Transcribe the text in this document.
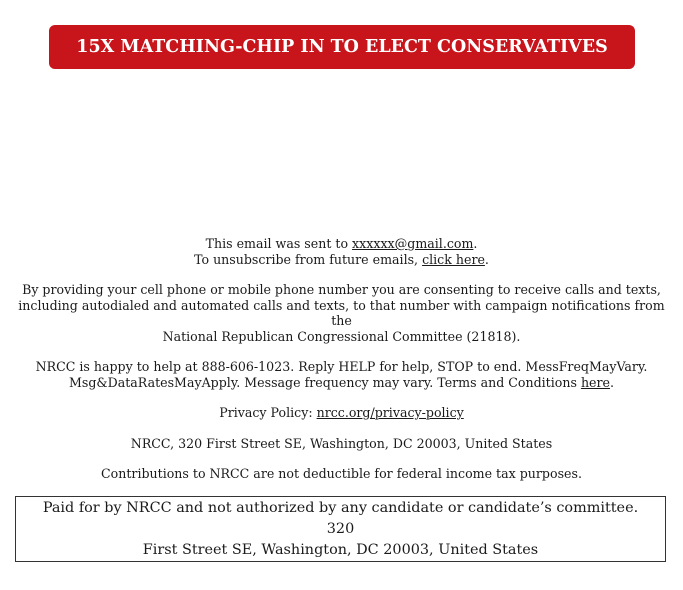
15X MATCHING-CHIP IN TO ELECT CONSERVATIVES

This email was sent to xxxxxx@gmail.com.

To unsubscribe from future emails, click here.

By providing your cell phone or mobile phone number you are consenting to receive calls and texts,

including autodialed and automated calls and texts, to that number with campaign notifications from the

National Republican Congressional Committee (21818).

NRCC is happy to help at 888-606-1023. Reply HELP for help, STOP to end. MessFreqMayVary.

Msg&DataRatesMayApply. Message frequency may vary. Terms and Conditions here.

Privacy Policy: nrcc.org/privacy-policy

NRCC, 320 First Street SE, Washington, DC 20003, United States

Contributions to NRCC are not deductible for federal income tax purposes.

Paid for by NRCC and not authorized by any candidate or candidate’s committee. 320
First Street SE, Washington, DC 20003, United States
